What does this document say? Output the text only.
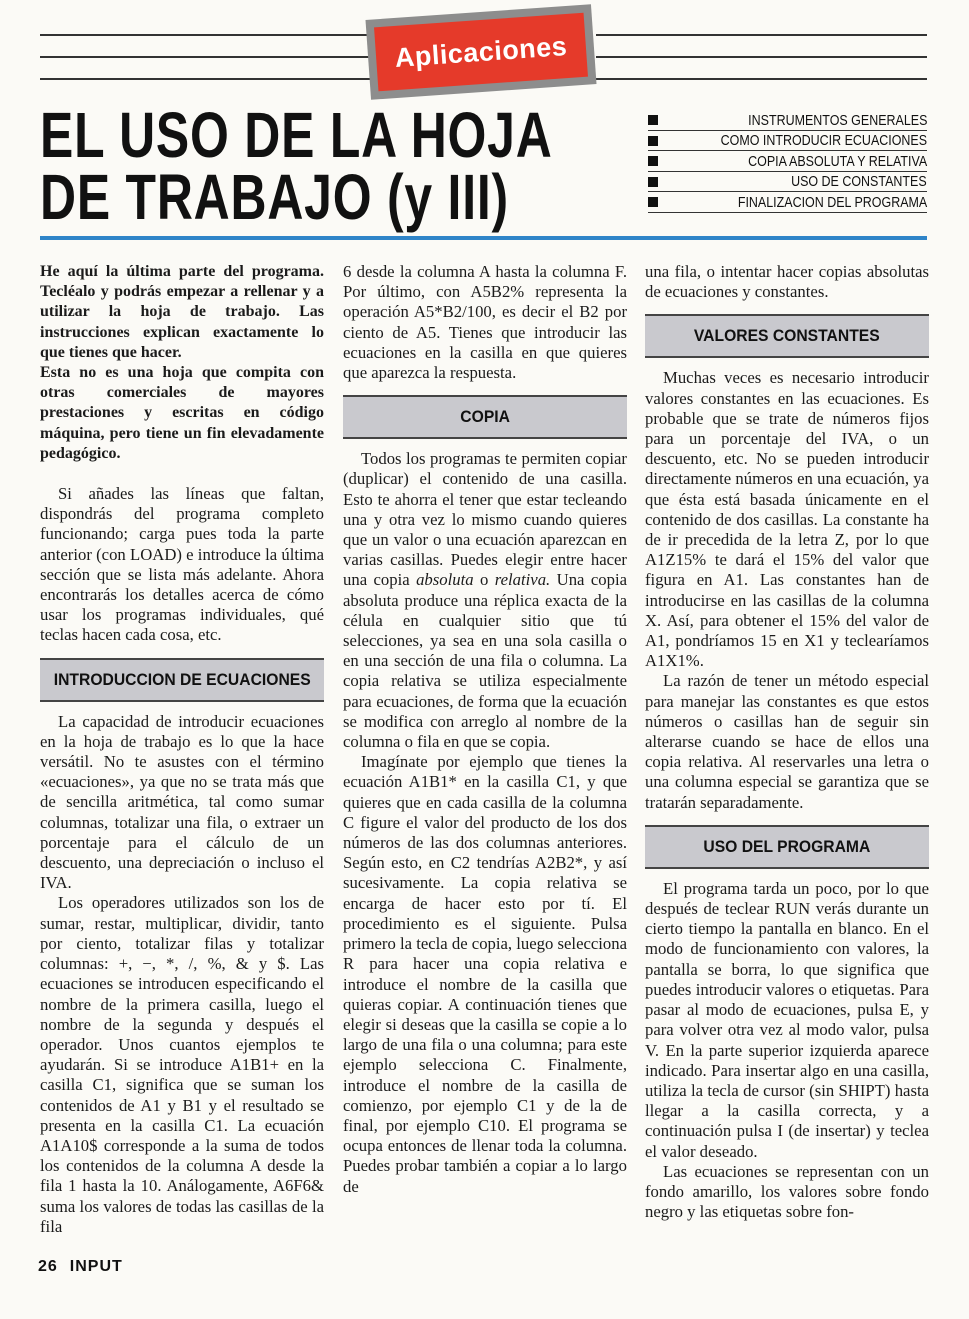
Aplicaciones
EL USO DE LA HOJA
DE TRABAJO (y III)
INSTRUMENTOS GENERALES
COMO INTRODUCIR ECUACIONES
COPIA ABSOLUTA Y RELATIVA
USO DE CONSTANTES
FINALIZACION DEL PROGRAMA

He aquí la última parte del programa. Tecléalo y podrás empezar a rellenar y a utilizar la hoja de trabajo. Las instrucciones explican exactamente lo que tienes que hacer.

Esta no es una hoja que compita con otras comerciales de mayores prestaciones y escritas en código máquina, pero tiene un fin elevadamente pedagógico.

Si añades las líneas que faltan, dispondrás del programa completo funcionando; carga pues toda la parte anterior (con LOAD) e introduce la última sección que se lista más adelante. Ahora encontrarás los detalles acerca de cómo usar los programas individuales, qué teclas hacen cada cosa, etc.

INTRODUCCION DE ECUACIONES

La capacidad de introducir ecuaciones en la hoja de trabajo es lo que la hace versátil. No te asustes con el término «ecuaciones», ya que no se trata más que de sencilla aritmética, tal como sumar columnas, totalizar una fila, o extraer un porcentaje para el cálculo de un descuento, una depreciación o incluso el IVA.

Los operadores utilizados son los de sumar, restar, multiplicar, dividir, tanto por ciento, totalizar filas y totalizar columnas: +, −, *, /, %, & y $. Las ecuaciones se introducen especificando el nombre de la primera casilla, luego el nombre de la segunda y después el operador. Unos cuantos ejemplos te ayudarán. Si se introduce A1B1+ en la casilla C1, significa que se suman los contenidos de A1 y B1 y el resultado se presenta en la casilla C1. La ecuación A1A10$ corresponde a la suma de todos los contenidos de la columna A desde la fila 1 hasta la 10. Análogamente, A6F6& suma los valores de todas las casillas de la fila

6 desde la columna A hasta la columna F. Por último, con A5B2% representa la operación A5*B2/100, es decir el B2 por ciento de A5. Tienes que introducir las ecuaciones en la casilla en que quieres que aparezca la respuesta.

COPIA

Todos los programas te permiten copiar (duplicar) el contenido de una casilla. Esto te ahorra el tener que estar tecleando una y otra vez lo mismo cuando quieres que un valor o una ecuación aparezcan en varias casillas. Puedes elegir entre hacer una copia absoluta o relativa. Una copia absoluta produce una réplica exacta de la célula en cualquier sitio que tú selecciones, ya sea en una sola casilla o en una sección de una fila o columna. La copia relativa se utiliza especialmente para ecuaciones, de forma que la ecuación se modifica con arreglo al nombre de la columna o fila en que se copia.

Imagínate por ejemplo que tienes la ecuación A1B1* en la casilla C1, y que quieres que en cada casilla de la columna C figure el valor del producto de los dos números de las dos columnas anteriores. Según esto, en C2 tendrías A2B2*, y así sucesivamente. La copia relativa se encarga de hacer esto por tí. El procedimiento es el siguiente. Pulsa primero la tecla de copia, luego selecciona R para hacer una copia relativa e introduce el nombre de la casilla que quieras copiar. A continuación tienes que elegir si deseas que la casilla se copie a lo largo de una fila o una columna; para este ejemplo selecciona C. Finalmente, introduce el nombre de la casilla de comienzo, por ejemplo C1 y de la de final, por ejemplo C10. El programa se ocupa entonces de llenar toda la columna. Puedes probar también a copiar a lo largo de

una fila, o intentar hacer copias absolutas de ecuaciones y constantes.

VALORES CONSTANTES

Muchas veces es necesario introducir valores constantes en las ecuaciones. Es probable que se trate de números fijos para un porcentaje del IVA, o un descuento, etc. No se pueden introducir directamente números en una ecuación, ya que ésta está basada únicamente en el contenido de dos casillas. La constante ha de ir precedida de la letra Z, por lo que A1Z15% te dará el 15% del valor que figura en A1. Las constantes han de introducirse en las casillas de la columna X. Así, para obtener el 15% del valor de A1, pondríamos 15 en X1 y teclearíamos A1X1%.

La razón de tener un método especial para manejar las constantes es que estos números o casillas han de seguir sin alterarse cuando se hace de ellos una copia relativa. Al reservarles una letra o una columna especial se garantiza que se tratarán separadamente.

USO DEL PROGRAMA

El programa tarda un poco, por lo que después de teclear RUN verás durante un cierto tiempo la pantalla en blanco. En el modo de funcionamiento con valores, la pantalla se borra, lo que significa que puedes introducir valores o etiquetas. Para pasar al modo de ecuaciones, pulsa E, y para volver otra vez al modo valor, pulsa V. En la parte superior izquierda aparece indicado. Para insertar algo en una casilla, utiliza la tecla de cursor (sin SHIPT) hasta llegar a la casilla correcta, y a continuación pulsa I (de insertar) y teclea el valor deseado.

Las ecuaciones se representan con un fondo amarillo, los valores sobre fondo negro y las etiquetas sobre fon-

26 INPUT
